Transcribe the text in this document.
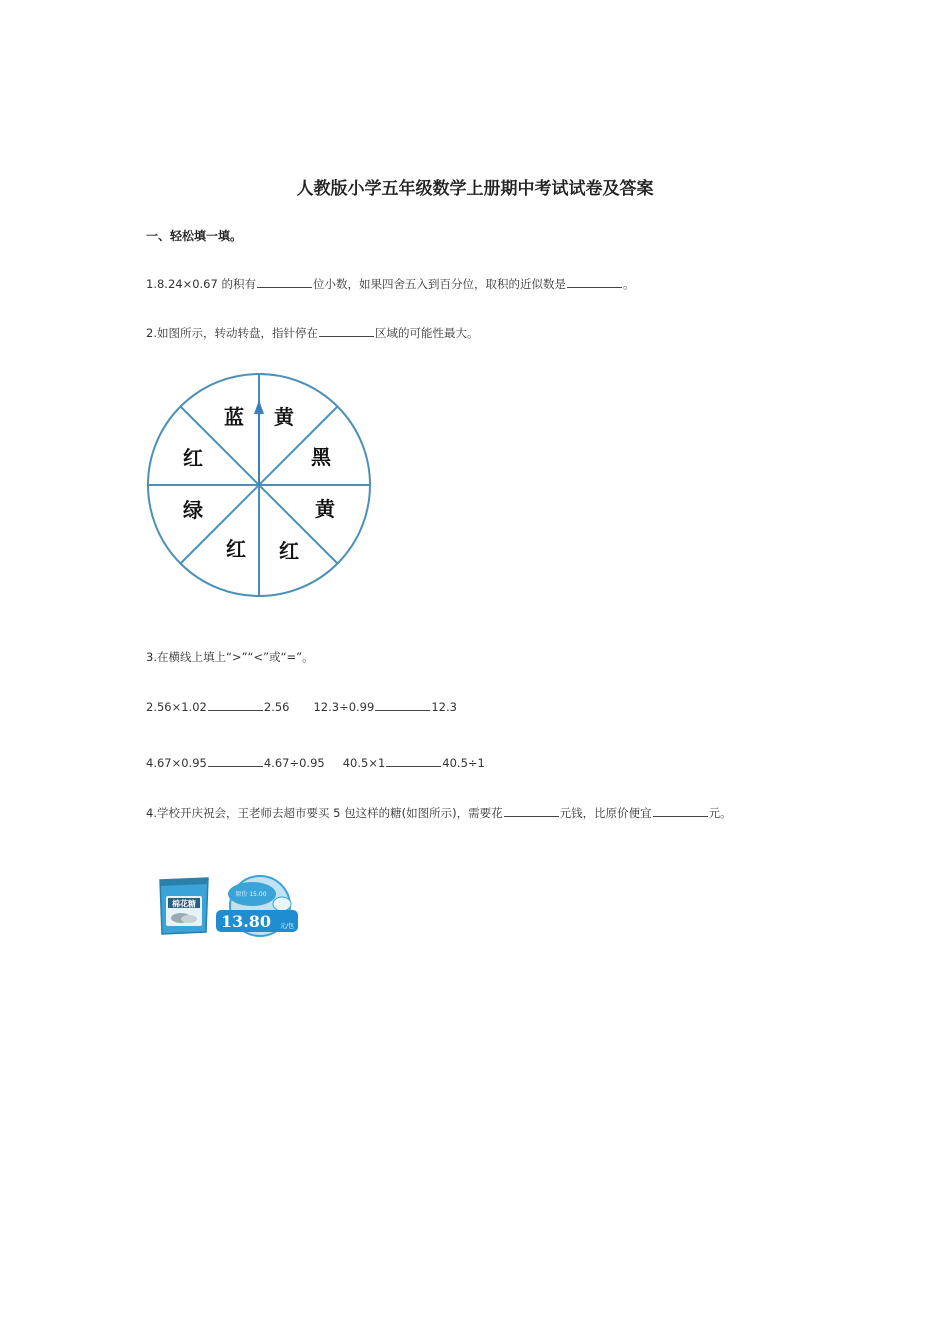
人教版小学五年级数学上册期中考试试卷及答案
一、轻松填一填。
1.8.24×0.67 的积有	位小数，如果四舍五入到百分位，取积的近似数是	。
2.如图所示，转动转盘，指针停在	区域的可能性最大。
蓝 黄
黑
黄
红
红
绿
红
3.在横线上填上“>”“<”或“=”。
2.56×1.02	2.56 12.3÷0.99	12.3
4.67×0.95	4.67÷0.95 40.5×1	40.5÷1
4.学校开庆祝会，王老师去超市要买 5 包这样的糖(如图所示)，需要花	元钱，比原价便宜	元。
棉花糖
原价 15.00
13.80 元/包
